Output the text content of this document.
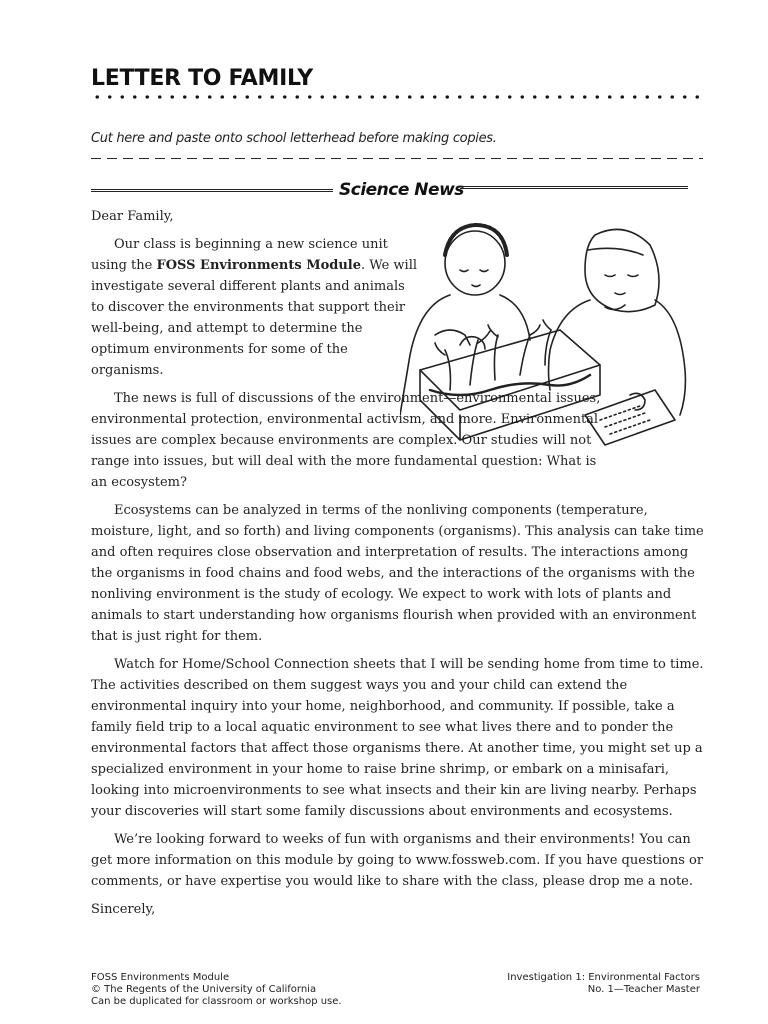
LETTER TO FAMILY
Cut here and paste onto school letterhead before making copies.
Science News

Dear Family,

Our class is beginning a new science unit using the FOSS Environments Module. We will investigate several different plants and animals to discover the environments that support their well-being, and attempt to determine the optimum environments for some of the organisms.

The news is full of discussions of the environment—environmental issues, environmental protection, environmental activism, and more. Environmental issues are complex because environments are complex. Our studies will not range into issues, but will deal with the more fundamental question: What is an ecosystem?

Ecosystems can be analyzed in terms of the nonliving components (temperature, moisture, light, and so forth) and living components (organisms). This analysis can take time and often requires close observation and interpretation of results. The interactions among the organisms in food chains and food webs, and the interactions of the organisms with the nonliving environment is the study of ecology. We expect to work with lots of plants and animals to start understanding how organisms flourish when provided with an environment that is just right for them.

Watch for Home/School Connection sheets that I will be sending home from time to time. The activities described on them suggest ways you and your child can extend the environmental inquiry into your home, neighborhood, and community. If possible, take a family field trip to a local aquatic environment to see what lives there and to ponder the environmental factors that affect those organisms there. At another time, you might set up a specialized environment in your home to raise brine shrimp, or embark on a minisafari, looking into microenvironments to see what insects and their kin are living nearby. Perhaps your discoveries will start some family discussions about environments and ecosystems.

We’re looking forward to weeks of fun with organisms and their environments! You can get more information on this module by going to www.fossweb.com. If you have questions or comments, or have expertise you would like to share with the class, please drop me a note.

Sincerely,

FOSS Environments Module
© The Regents of the University of California
Can be duplicated for classroom or workshop use.
Investigation 1: Environmental Factors
No. 1—Teacher Master
